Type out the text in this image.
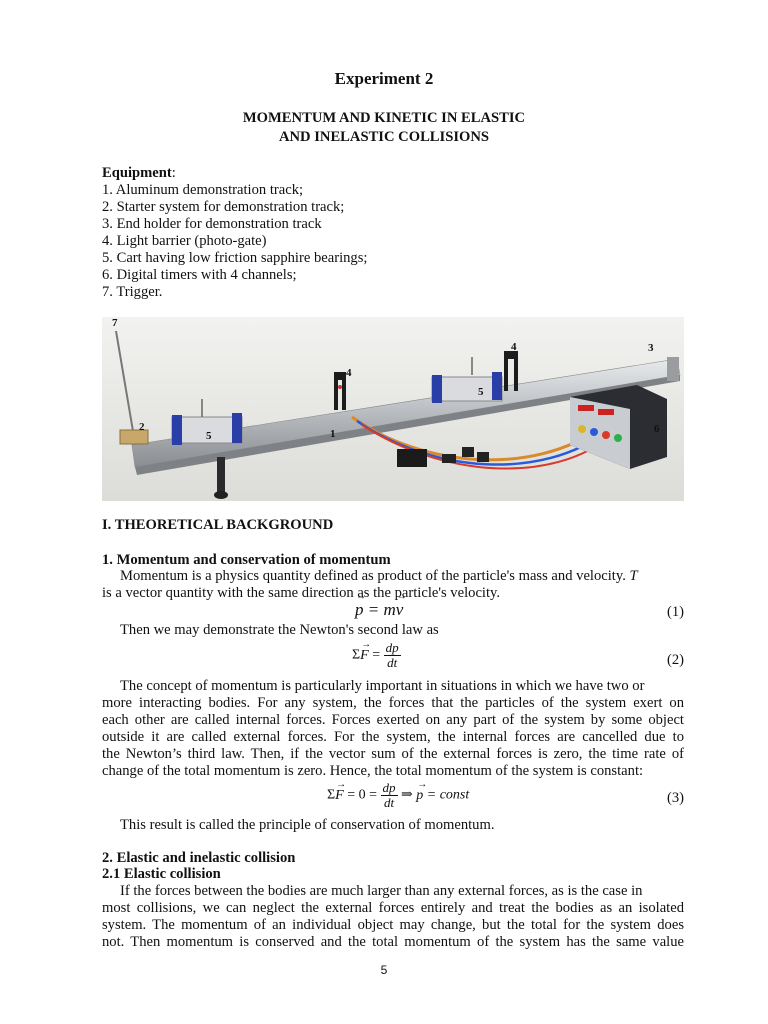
Experiment 2
MOMENTUM AND KINETIC IN ELASTIC
AND INELASTIC COLLISIONS
Equipment:
1. Aluminum demonstration track;
2. Starter system for demonstration track;
3. End holder for demonstration track
4. Light barrier (photo-gate)
5. Cart having low friction sapphire bearings;
6. Digital timers with 4 channels;
7. Trigger.
7
2
5
4
1
4
5
3
6
I. THEORETICAL BACKGROUND
1. Momentum and conservation of momentum
Momentum is a physics quantity defined as product of the particle's mass and velocity. T
is a vector quantity with the same direction as the particle's velocity.
p → = mv →	(1)
Then we may demonstrate the Newton's second law as
ΣF → = $\frac{dp}{dt}$	(2)
The concept of momentum is particularly important in situations in which we have two or
more interacting bodies. For any system, the forces that the particles of the system exert on
each other are called internal forces. Forces exerted on any part of the system by some object
outside it are called external forces. For the system, the internal forces are cancelled due to
the Newton’s third law. Then, if the vector sum of the external forces is zero, the time rate of
change of the total momentum is zero. Hence, the total momentum of the system is constant:
ΣF → = $0 = \frac{dp}{dt}$ ⇒ p → = const	(3)
This result is called the principle of conservation of momentum.
2. Elastic and inelastic collision
2.1 Elastic collision
If the forces between the bodies are much larger than any external forces, as is the case in
most collisions, we can neglect the external forces entirely and treat the bodies as an isolated
system. The momentum of an individual object may change, but the total for the system does
not. Then momentum is conserved and the total momentum of the system has the same value
5
